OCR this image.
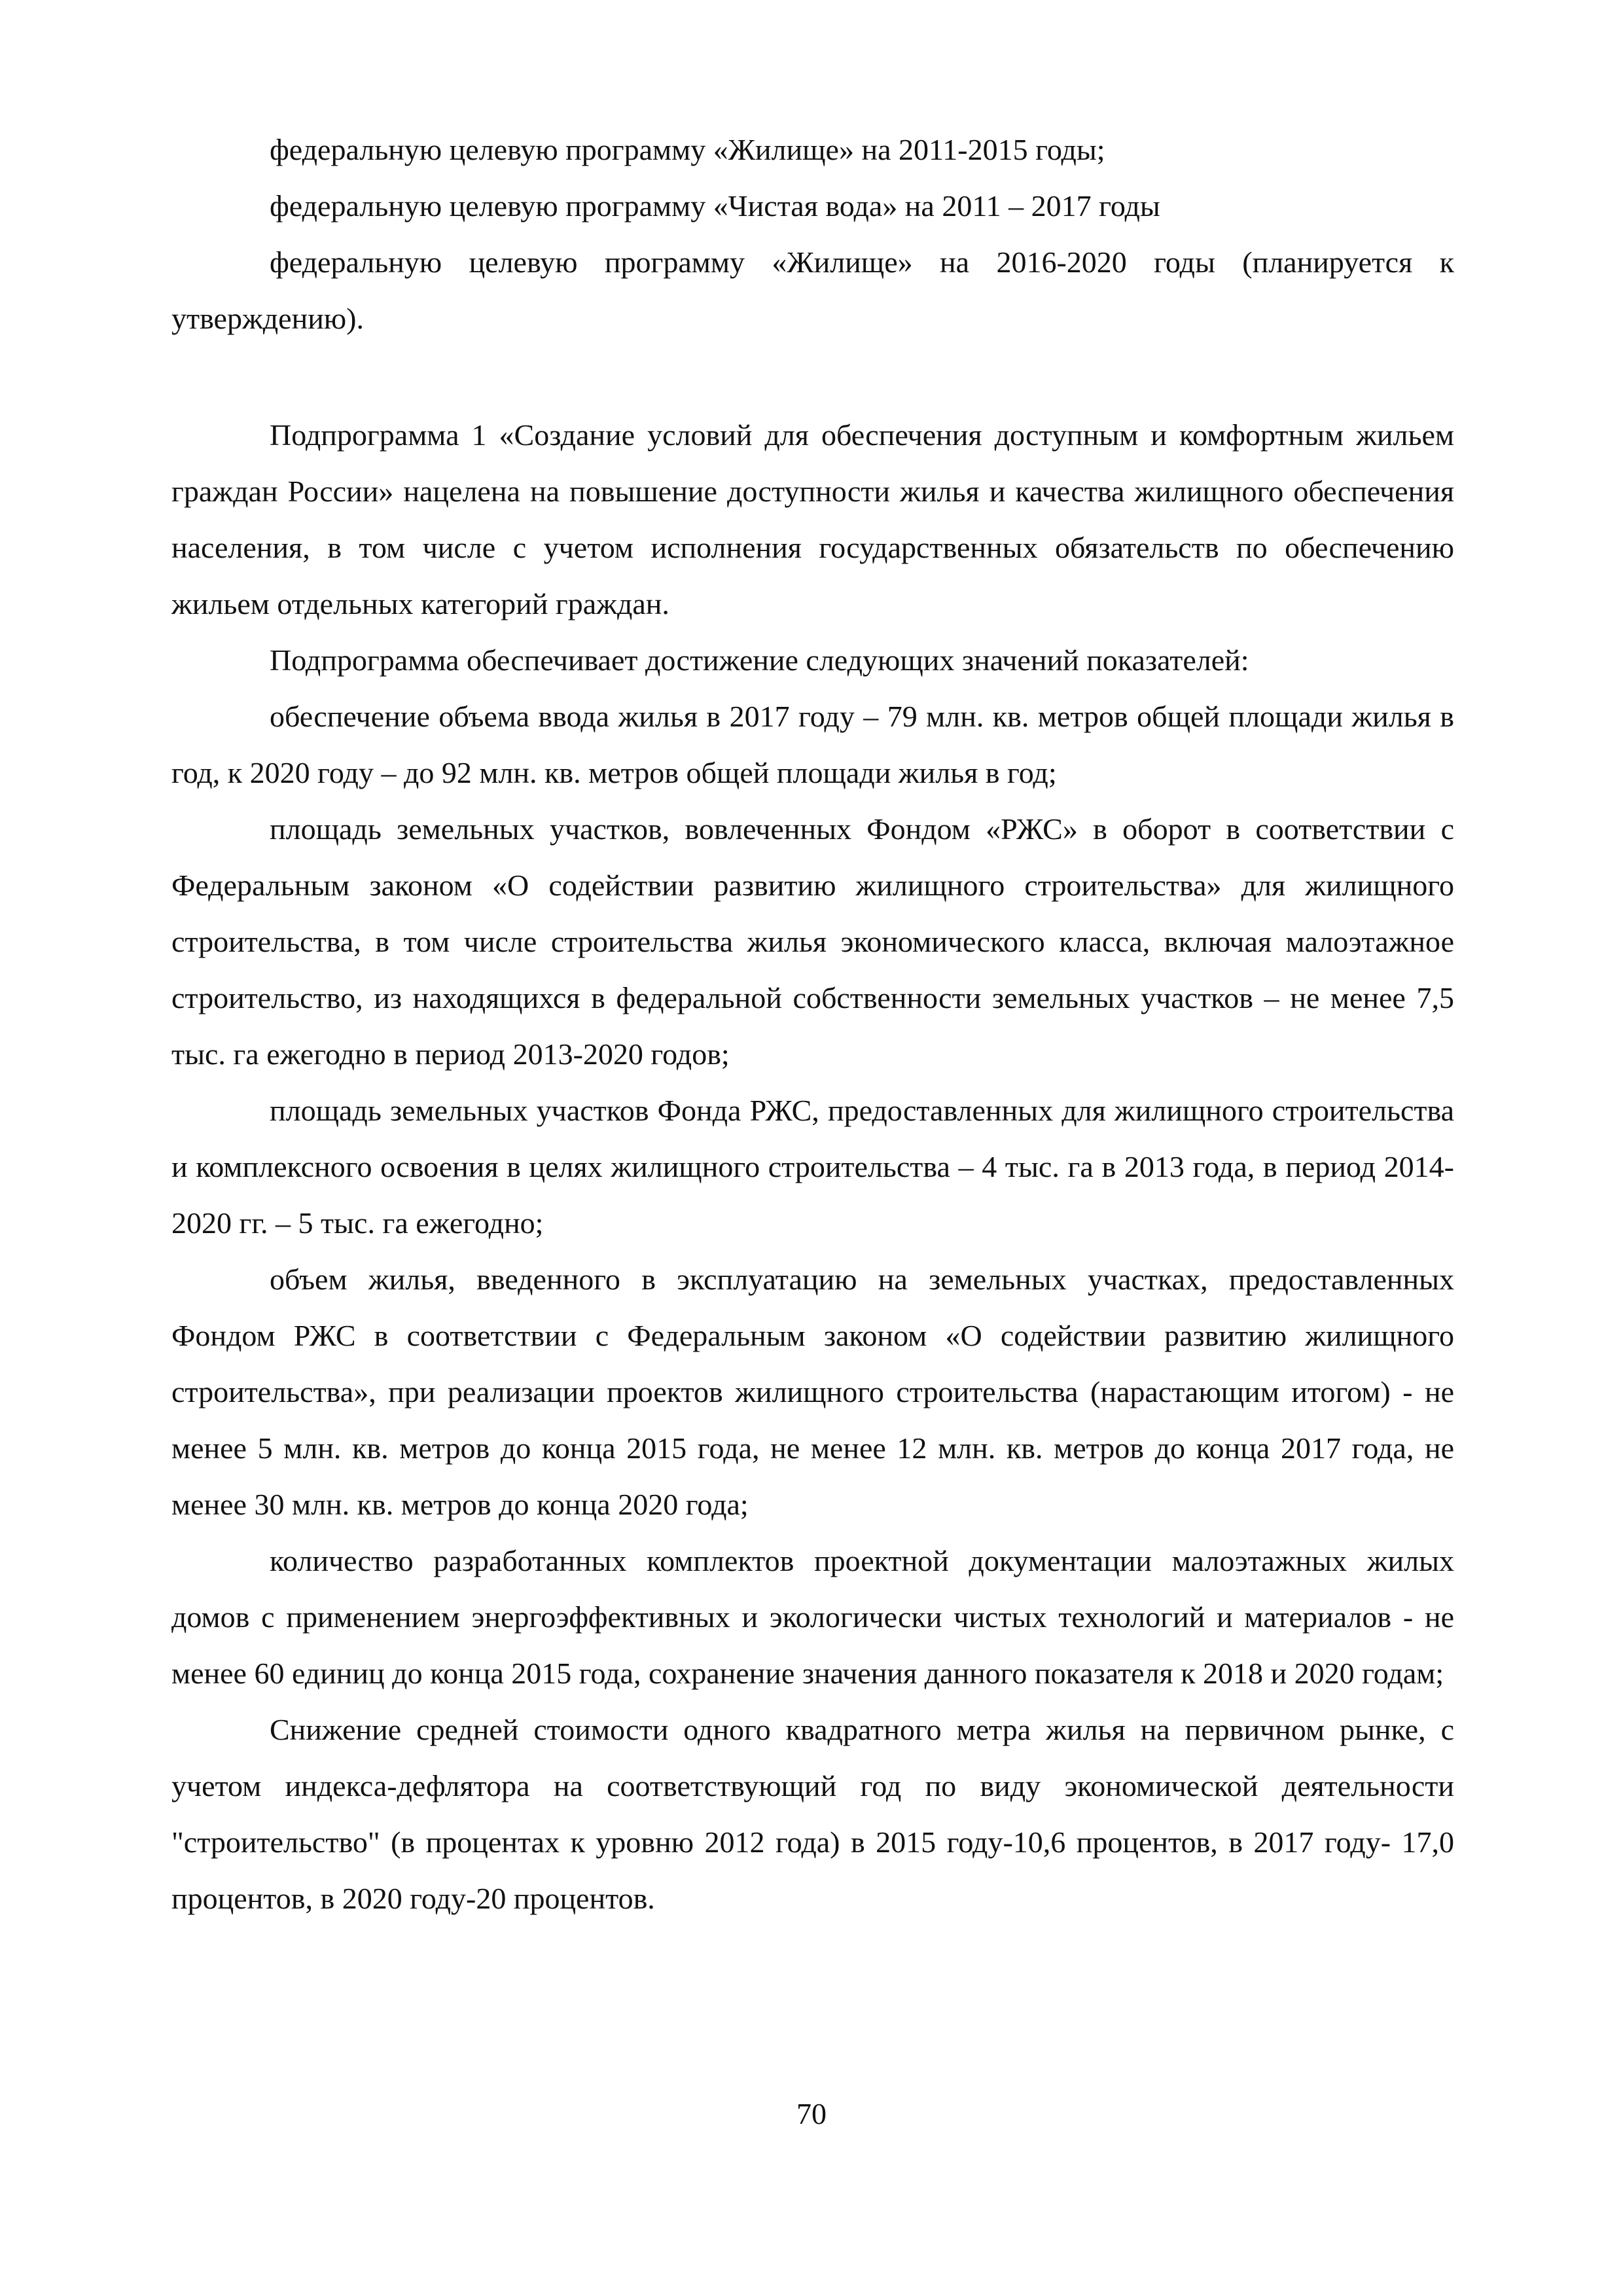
федеральную целевую программу «Жилище» на 2011-2015 годы;

федеральную целевую программу «Чистая вода» на 2011 – 2017 годы

федеральную целевую программу «Жилище» на 2016-2020 годы (планируется к утверждению).

Подпрограмма 1 «Создание условий для обеспечения доступным и комфортным жильем граждан России» нацелена на повышение доступности жилья и качества жилищного обеспечения населения, в том числе с учетом исполнения государственных обязательств по обеспечению жильем отдельных категорий граждан.

Подпрограмма обеспечивает достижение следующих значений показателей:

обеспечение объема ввода жилья в 2017 году – 79 млн. кв. метров общей площади жилья в год, к 2020 году – до 92 млн. кв. метров общей площади жилья в год;

площадь земельных участков, вовлеченных Фондом «РЖС» в оборот в соответствии с Федеральным законом «О содействии развитию жилищного строительства» для жилищного строительства, в том числе строительства жилья экономического класса, включая малоэтажное строительство, из находящихся в федеральной собственности земельных участков – не менее 7,5 тыс. га ежегодно в период 2013-2020 годов;

площадь земельных участков Фонда РЖС, предоставленных для жилищного строительства и комплексного освоения в целях жилищного строительства – 4 тыс. га в 2013 года, в период 2014-2020 гг. – 5 тыс. га ежегодно;

объем жилья, введенного в эксплуатацию на земельных участках, предоставленных Фондом РЖС в соответствии с Федеральным законом «О содействии развитию жилищного строительства», при реализации проектов жилищного строительства (нарастающим итогом) - не менее 5 млн. кв. метров до конца 2015 года, не менее 12 млн. кв. метров до конца 2017 года, не менее 30 млн. кв. метров до конца 2020 года;

количество разработанных комплектов проектной документации малоэтажных жилых домов с применением энергоэффективных и экологически чистых технологий и материалов - не менее 60 единиц до конца 2015 года, сохранение значения данного показателя к 2018 и 2020 годам;

Снижение средней стоимости одного квадратного метра жилья на первичном рынке, с учетом индекса-дефлятора на соответствующий год по виду экономической деятельности "строительство" (в процентах к уровню 2012 года) в 2015 году-10,6 процентов, в 2017 году- 17,0 процентов, в 2020 году-20 процентов.

70
